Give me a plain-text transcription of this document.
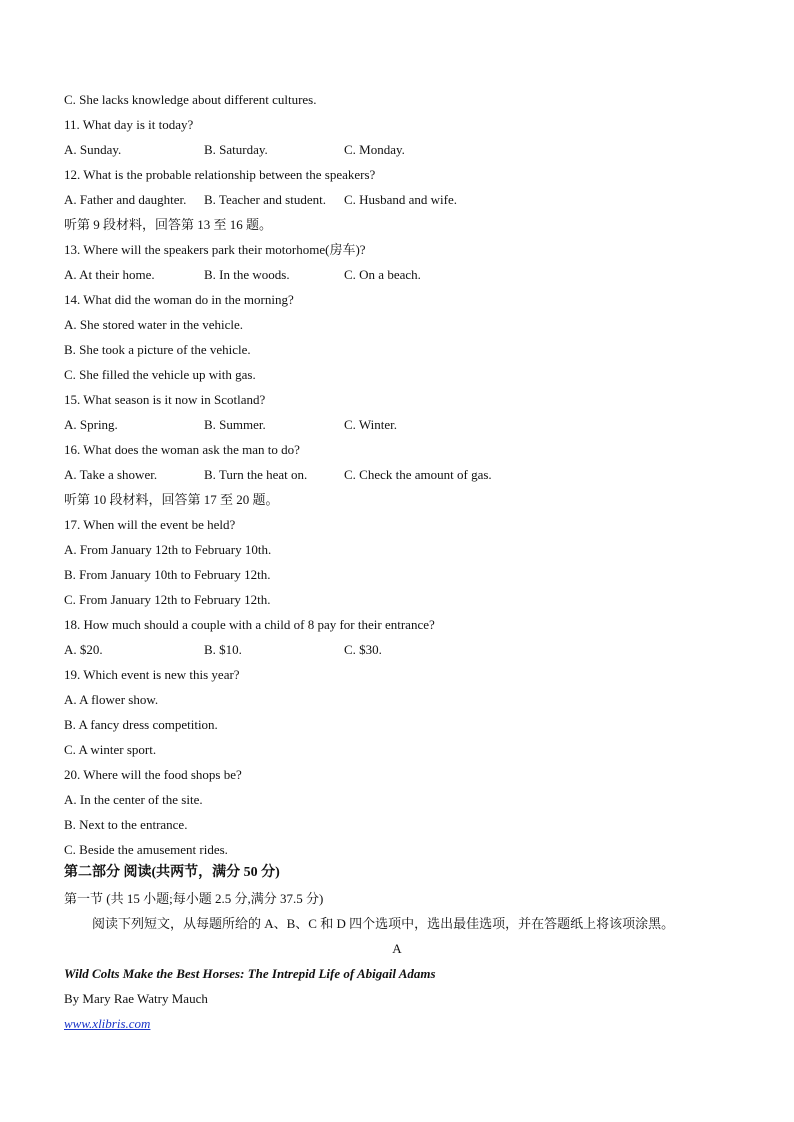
C. She lacks knowledge about different cultures.
11. What day is it today?
A. Sunday.	B. Saturday.	C. Monday.
12. What is the probable relationship between the speakers?
A. Father and daughter. B. Teacher and student. C. Husband and wife.
听第 9 段材料，回答第 13 至 16 题。
13. Where will the speakers park their motorhome(房车)?
A. At their home.	B. In the woods.	C. On a beach.
14. What did the woman do in the morning?
A. She stored water in the vehicle.
B. She took a picture of the vehicle.
C. She filled the vehicle up with gas.
15. What season is it now in Scotland?
A. Spring.	B. Summer.	C. Winter.
16. What does the woman ask the man to do?
A. Take a shower.	B. Turn the heat on.	C. Check the amount of gas.
听第 10 段材料，回答第 17 至 20 题。
17. When will the event be held?
A. From January 12th to February 10th.
B. From January 10th to February 12th.
C. From January 12th to February 12th.
18. How much should a couple with a child of 8 pay for their entrance?
A. $20.	B. $10.	C. $30.
19. Which event is new this year?
A. A flower show.
B. A fancy dress competition.
C. A winter sport.
20. Where will the food shops be?
A. In the center of the site.
B. Next to the entrance.
C. Beside the amusement rides.
第二部分 阅读(共两节，满分 50 分)
第一节 (共 15 小题;每小题 2.5 分,满分 37.5 分)
阅读下列短文，从每题所给的 A、B、C 和 D 四个选项中，选出最佳选项，并在答题纸上将该项涂黑。
A
Wild Colts Make the Best Horses: The Intrepid Life of Abigail Adams
By Mary Rae Watry Mauch
www.xlibris.com
